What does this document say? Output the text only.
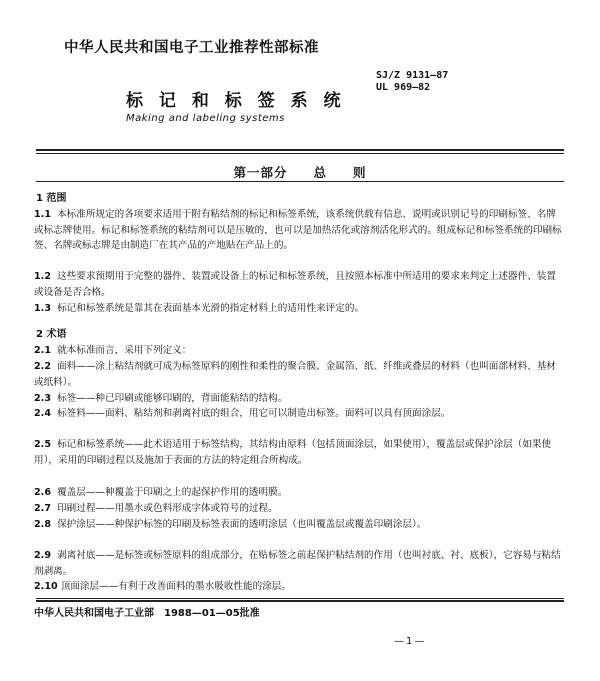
中华人民共和国电子工业推荐性部标准
SJ/Z 9131—87
UL 969—82
标 记 和 标 签 系 统
Making and labeling systems
第一部分 总 则
1 范围
1.1 本标准所规定的各项要求适用于附有粘结剂的标记和标签系统，该系统供载有信息、说明或识别记号的印刷标签、名牌或标志牌使用。标记和标签系统的粘结剂可以是压敏的，也可以是加热活化或溶剂活化形式的。组成标记和标签系统的印刷标签、名牌或标志牌是由制造厂在其产品的产地贴在产品上的。
1.2 这些要求预期用于完整的器件、装置或设备上的标记和标签系统，且按照本标准中所适用的要求来判定上述器件、装置或设备是否合格。
1.3 标记和标签系统是靠其在表面基本光滑的指定材料上的适用性来评定的。
2 术语
2.1 就本标准而言，采用下列定义：
2.2 面料——涂上粘结剂就可成为标签原料的刚性和柔性的聚合膜、金属箔、纸、纤维或叠层的材料（也叫面部材料、基材或纸料）。
2.3 标签——种已印刷或能够印刷的，背面能粘结的结构。
2.4 标签料——面料、粘结剂和剥离衬底的组合，用它可以制造出标签。面料可以具有顶面涂层。
2.5 标记和标签系统——此术语适用于标签结构，其结构由原料（包括顶面涂层，如果使用），覆盖层或保护涂层（如果使用），采用的印刷过程以及施加于表面的方法的特定组合所构成。
2.6 覆盖层——种覆盖于印刷之上的起保护作用的透明膜。
2.7 印刷过程——用墨水或色料形成字体或符号的过程。
2.8 保护涂层——种保护标签的印刷及标签表面的透明涂层（也叫覆盖层或覆盖印刷涂层）。
2.9 剥离衬底——是标签或标签原料的组成部分，在贴标签之前起保护粘结剂的作用（也叫衬底、衬、底板），它容易与粘结剂剥离。
2.10 顶面涂层——有利于改善面料的墨水吸收性能的涂层。
中华人民共和国电子工业部　1988—01—05批准
—1—
